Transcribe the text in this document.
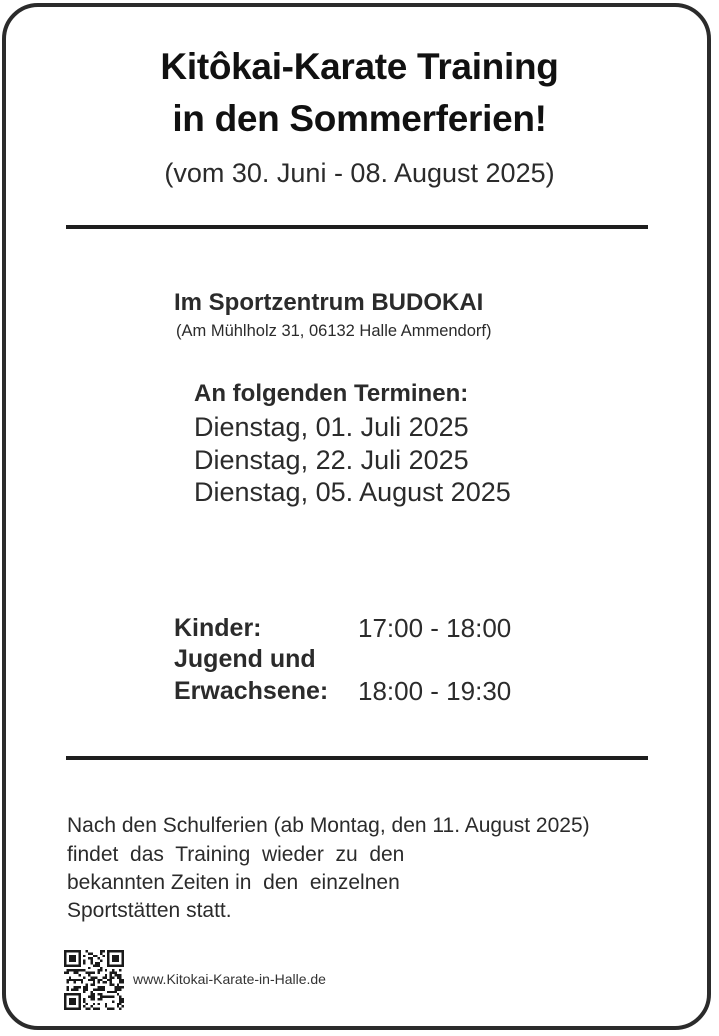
Kitôkai-Karate Training
in den Sommerferien!
(vom 30. Juni - 08. August 2025)
Im Sportzentrum BUDOKAI
(Am Mühlholz 31, 06132 Halle Ammendorf)
An folgenden Terminen:
Dienstag, 01. Juli 2025
Dienstag, 22. Juli 2025
Dienstag, 05. August 2025
Kinder:	17:00 - 18:00
Jugend und
Erwachsene: 18:00 - 19:30
Nach den Schulferien (ab Montag, den 11. August 2025)
findet  das  Training  wieder  zu  den
bekannten Zeiten in  den  einzelnen
Sportstätten statt.
www.Kitokai-Karate-in-Halle.de
